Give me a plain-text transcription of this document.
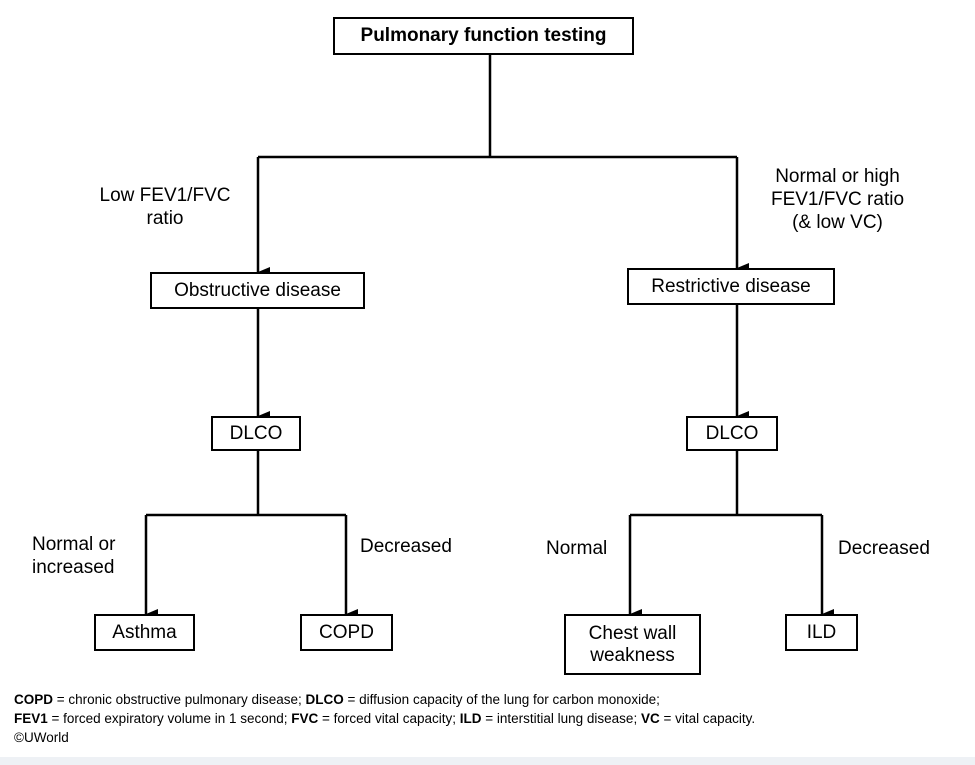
Pulmonary function testing
Obstructive disease	Restrictive disease
DLCO	DLCO
Asthma	COPD	Chest wall
weakness
ILD
Low FEV1/FVC
ratio
Normal or high
FEV1/FVC ratio
(& low VC)
Normal or
increased
Decreased	Normal	Decreased
COPD = chronic obstructive pulmonary disease; DLCO = diffusion capacity of the lung for carbon monoxide;
FEV1 = forced expiratory volume in 1 second; FVC = forced vital capacity; ILD = interstitial lung disease; VC = vital capacity.
©UWorld
